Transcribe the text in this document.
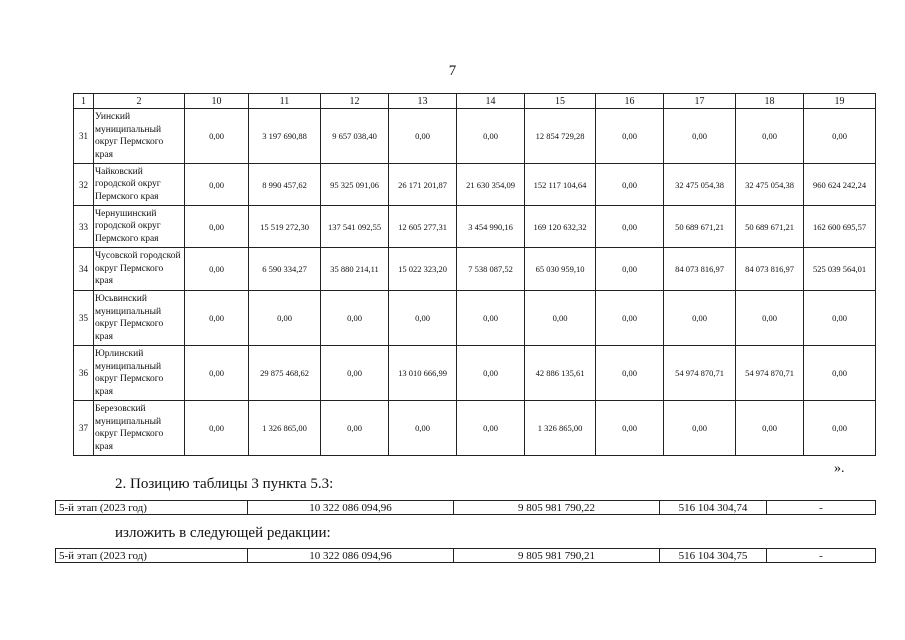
7
1	2	10	11	12	13	14	15	16	17	18	19
31	Уинский муниципальный округ Пермского края	0,00	3 197 690,88	9 657 038,40	0,00	0,00	12 854 729,28	0,00	0,00	0,00	0,00
32	Чайковский городской округ Пермского края	0,00	8 990 457,62	95 325 091,06	26 171 201,87	21 630 354,09	152 117 104,64	0,00	32 475 054,38	32 475 054,38	960 624 242,24
33	Чернушинский городской округ Пермского края	0,00	15 519 272,30	137 541 092,55	12 605 277,31	3 454 990,16	169 120 632,32	0,00	50 689 671,21	50 689 671,21	162 600 695,57
34	Чусовской городской округ Пермского края	0,00	6 590 334,27	35 880 214,11	15 022 323,20	7 538 087,52	65 030 959,10	0,00	84 073 816,97	84 073 816,97	525 039 564,01
35	Юсьвинский муниципальный округ Пермского края	0,00	0,00	0,00	0,00	0,00	0,00	0,00	0,00	0,00	0,00
36	Юрлинский муниципальный округ Пермского края	0,00	29 875 468,62	0,00	13 010 666,99	0,00	42 886 135,61	0,00	54 974 870,71	54 974 870,71	0,00
37	Березовский муниципальный округ Пермского края	0,00	1 326 865,00	0,00	0,00	0,00	1 326 865,00	0,00	0,00	0,00	0,00
».
2. Позицию таблицы 3 пункта 5.3:
5-й этап (2023 год)	10 322 086 094,96	9 805 981 790,22	516 104 304,74	-
изложить в следующей редакции:
5-й этап (2023 год)	10 322 086 094,96	9 805 981 790,21	516 104 304,75	-
